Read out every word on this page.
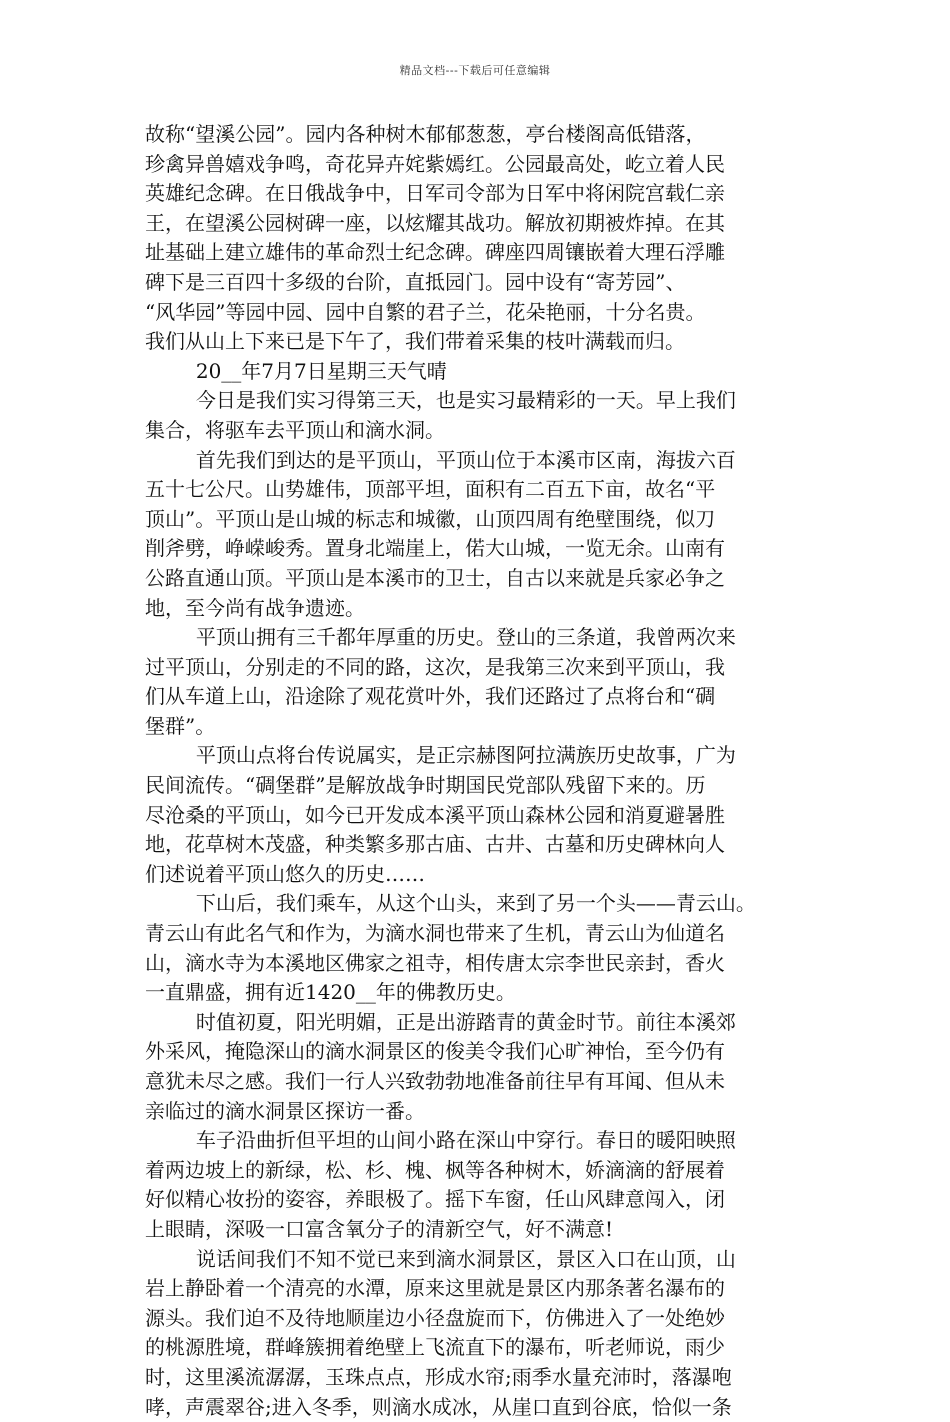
精品文档---下载后可任意编辑
故称“望溪公园”。园内各种树木郁郁葱葱，亭台楼阁高低错落，
珍禽异兽嬉戏争鸣，奇花异卉姹紫嫣红。公园最高处，屹立着人民
英雄纪念碑。在日俄战争中，日军司令部为日军中将闲院宫载仁亲
王，在望溪公园树碑一座，以炫耀其战功。解放初期被炸掉。在其
址基础上建立雄伟的革命烈士纪念碑。碑座四周镶嵌着大理石浮雕
碑下是三百四十多级的台阶，直抵园门。园中设有“寄芳园”、
“风华园”等园中园、园中自繁的君子兰，花朵艳丽，十分名贵。
我们从山上下来已是下午了，我们带着采集的枝叶满载而归。
20__年7月7日星期三天气晴
今日是我们实习得第三天，也是实习最精彩的一天。早上我们
集合，将驱车去平顶山和滴水洞。
首先我们到达的是平顶山，平顶山位于本溪市区南，海拔六百
五十七公尺。山势雄伟，顶部平坦，面积有二百五下亩，故名“平
顶山”。平顶山是山城的标志和城徽，山顶四周有绝壁围绕，似刀
削斧劈，峥嵘峻秀。置身北端崖上，偌大山城，一览无余。山南有
公路直通山顶。平顶山是本溪市的卫士，自古以来就是兵家必争之
地，至今尚有战争遗迹。
平顶山拥有三千都年厚重的历史。登山的三条道，我曾两次来
过平顶山，分别走的不同的路，这次，是我第三次来到平顶山，我
们从车道上山，沿途除了观花赏叶外，我们还路过了点将台和“碉
堡群”。
平顶山点将台传说属实，是正宗赫图阿拉满族历史故事，广为
民间流传。“碉堡群”是解放战争时期国民党部队残留下来的。历
尽沧桑的平顶山，如今已开发成本溪平顶山森林公园和消夏避暑胜
地，花草树木茂盛，种类繁多那古庙、古井、古墓和历史碑林向人
们述说着平顶山悠久的历史……
下山后，我们乘车，从这个山头，来到了另一个头——青云山。
青云山有此名气和作为，为滴水洞也带来了生机，青云山为仙道名
山，滴水寺为本溪地区佛家之祖寺，相传唐太宗李世民亲封，香火
一直鼎盛，拥有近1420__年的佛教历史。
时值初夏，阳光明媚，正是出游踏青的黄金时节。前往本溪郊
外采风，掩隐深山的滴水洞景区的俊美令我们心旷神怡，至今仍有
意犹未尽之感。我们一行人兴致勃勃地准备前往早有耳闻、但从未
亲临过的滴水洞景区探访一番。
车子沿曲折但平坦的山间小路在深山中穿行。春日的暖阳映照
着两边坡上的新绿，松、杉、槐、枫等各种树木，娇滴滴的舒展着
好似精心妆扮的姿容，养眼极了。摇下车窗，任山风肆意闯入，闭
上眼睛，深吸一口富含氧分子的清新空气，好不满意!
说话间我们不知不觉已来到滴水洞景区，景区入口在山顶，山
岩上静卧着一个清亮的水潭，原来这里就是景区内那条著名瀑布的
源头。我们迫不及待地顺崖边小径盘旋而下，仿佛进入了一处绝妙
的桃源胜境，群峰簇拥着绝壁上飞流直下的瀑布，听老师说，雨少
时，这里溪流潺潺，玉珠点点，形成水帘;雨季水量充沛时，落瀑咆
哮，声震翠谷;进入冬季，则滴水成冰，从崖口直到谷底，恰似一条
